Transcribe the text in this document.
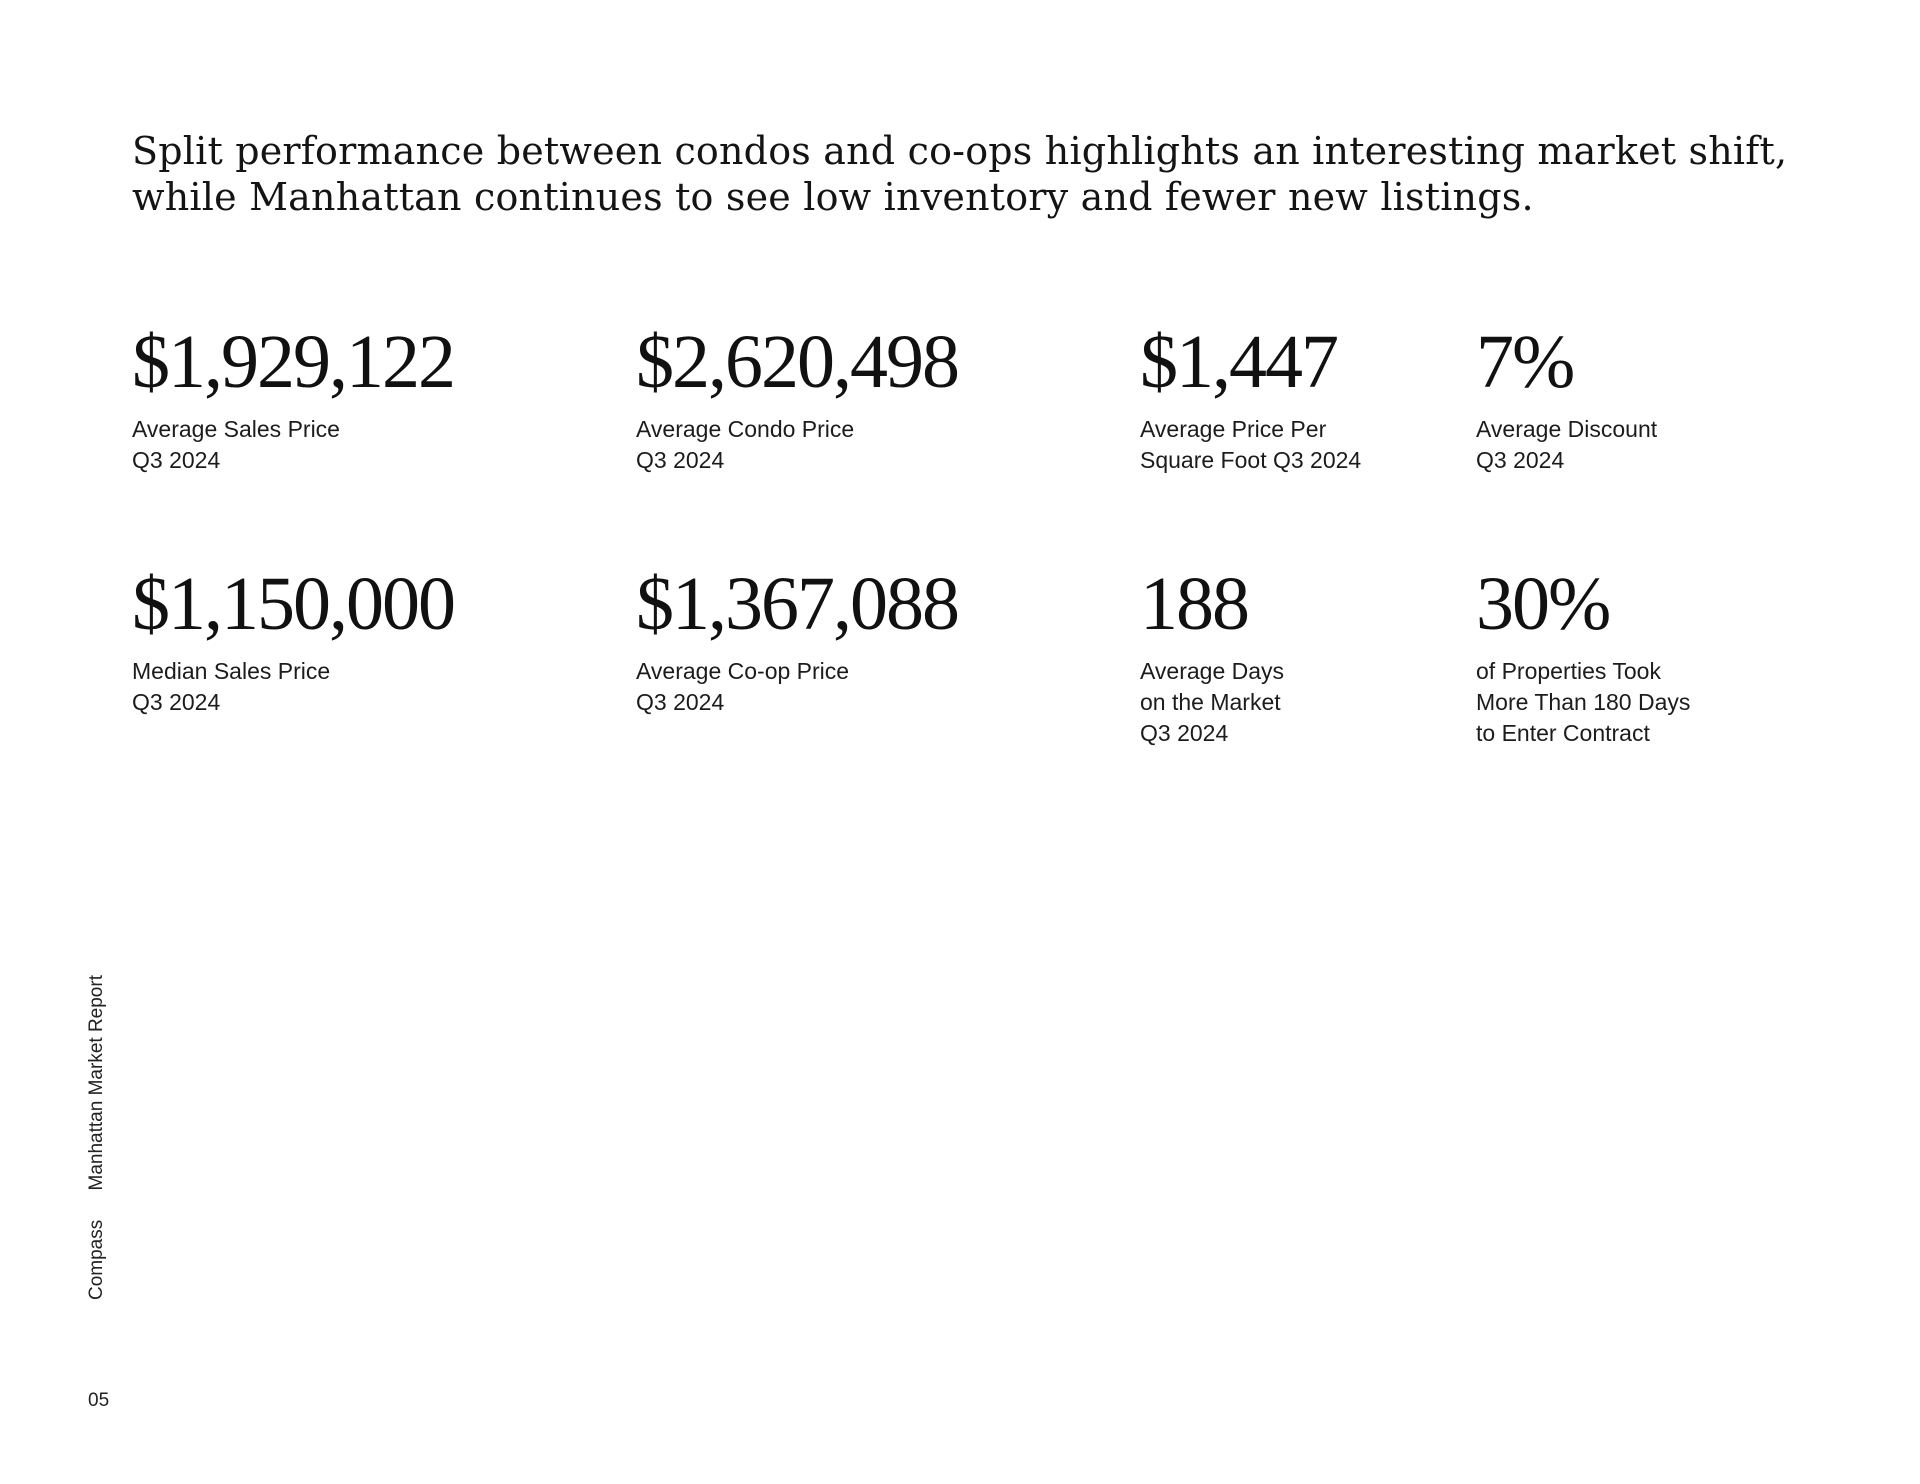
Split performance between condos and co-ops highlights an interesting market shift,
while Manhattan continues to see low inventory and fewer new listings.
$1,929,122
Average Sales Price
Q3 2024
$2,620,498
Average Condo Price
Q3 2024
$1,447
Average Price Per
Square Foot Q3 2024
7%
Average Discount
Q3 2024
$1,150,000
Median Sales Price
Q3 2024
$1,367,088
Average Co-op Price
Q3 2024
188
Average Days
on the Market
Q3 2024
30%
of Properties Took
More Than 180 Days
to Enter Contract
Compass Manhattan Market Report
05
